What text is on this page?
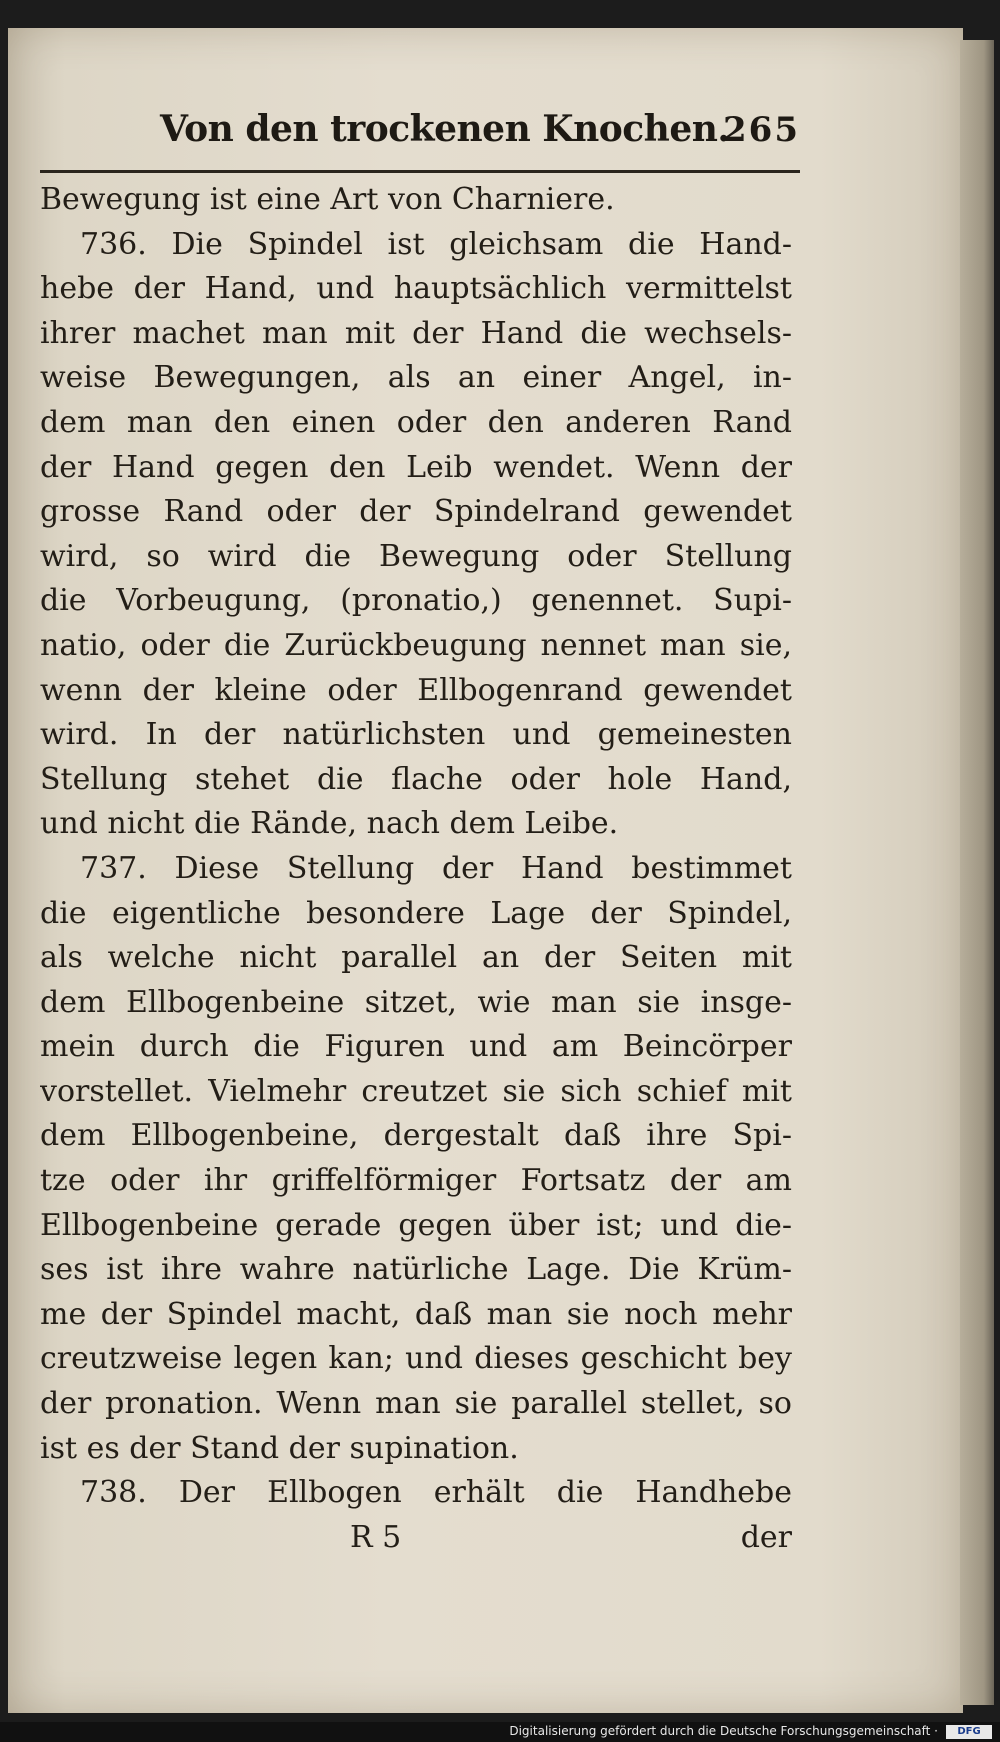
Von den trockenen Knochen.
265
Bewegung ist eine Art von Charniere.
736. Die Spindel ist gleichsam die Hand-
hebe der Hand, und hauptsächlich vermittelst
ihrer machet man mit der Hand die wechsels-
weise Bewegungen, als an einer Angel, in-
dem man den einen oder den anderen Rand
der Hand gegen den Leib wendet. Wenn der
grosse Rand oder der Spindelrand gewendet
wird, so wird die Bewegung oder Stellung
die Vorbeugung, (pronatio,) genennet. Supi-
natio, oder die Zurückbeugung nennet man sie,
wenn der kleine oder Ellbogenrand gewendet
wird. In der natürlichsten und gemeinesten
Stellung stehet die flache oder hole Hand,
und nicht die Rände, nach dem Leibe.
737. Diese Stellung der Hand bestimmet
die eigentliche besondere Lage der Spindel,
als welche nicht parallel an der Seiten mit
dem Ellbogenbeine sitzet, wie man sie insge-
mein durch die Figuren und am Beincörper
vorstellet. Vielmehr creutzet sie sich schief mit
dem Ellbogenbeine, dergestalt daß ihre Spi-
tze oder ihr griffelförmiger Fortsatz der am
Ellbogenbeine gerade gegen über ist; und die-
ses ist ihre wahre natürliche Lage. Die Krüm-
me der Spindel macht, daß man sie noch mehr
creutzweise legen kan; und dieses geschicht bey
der pronation. Wenn man sie parallel stellet, so
ist es der Stand der supination.
738. Der Ellbogen erhält die Handhebe
R 5	der
Digitalisierung gefördert durch die Deutsche Forschungsgemeinschaft ·	DFG
